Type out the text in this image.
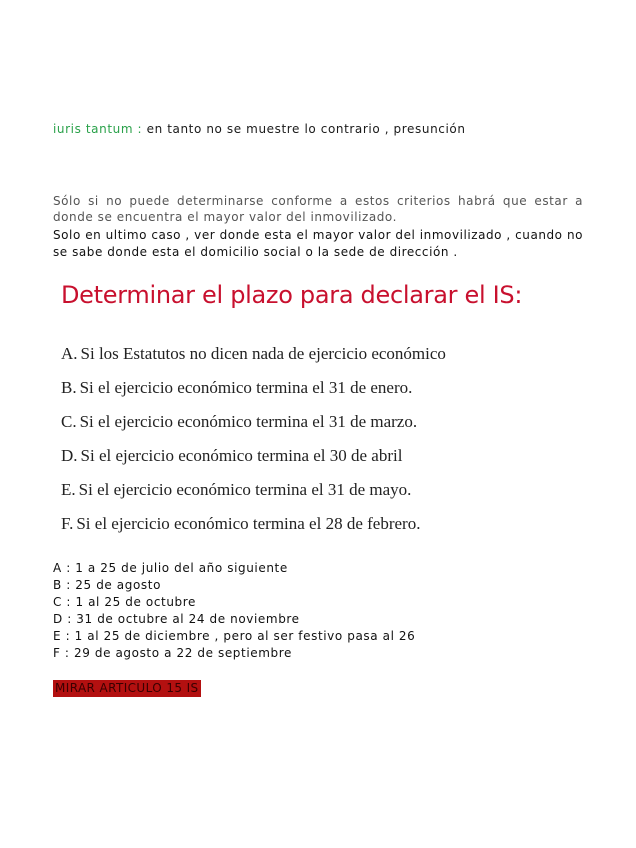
iuris tantum : en tanto no se muestre lo contrario , presunción
Sólo si no puede determinarse conforme a estos criterios habrá que estar a donde se encuentra el mayor valor del inmovilizado.
Solo en ultimo caso , ver donde esta el mayor valor del inmovilizado , cuando no se sabe donde esta el domicilio social o la sede de dirección .
Determinar el plazo para declarar el IS:
A. Si los Estatutos no dicen nada de ejercicio económico
B. Si el ejercicio económico termina el 31 de enero.
C. Si el ejercicio económico termina el 31 de marzo.
D. Si el ejercicio económico termina el 30 de abril
E. Si el ejercicio económico termina el 31 de mayo.
F. Si el ejercicio económico termina el 28 de febrero.
A : 1 a 25 de julio del año siguiente
B : 25 de agosto
C : 1 al 25 de octubre
D : 31 de octubre al 24 de noviembre
E : 1 al 25 de diciembre , pero al ser festivo pasa al 26
F : 29 de agosto a 22 de septiembre
MIRAR ARTICULO 15 IS
